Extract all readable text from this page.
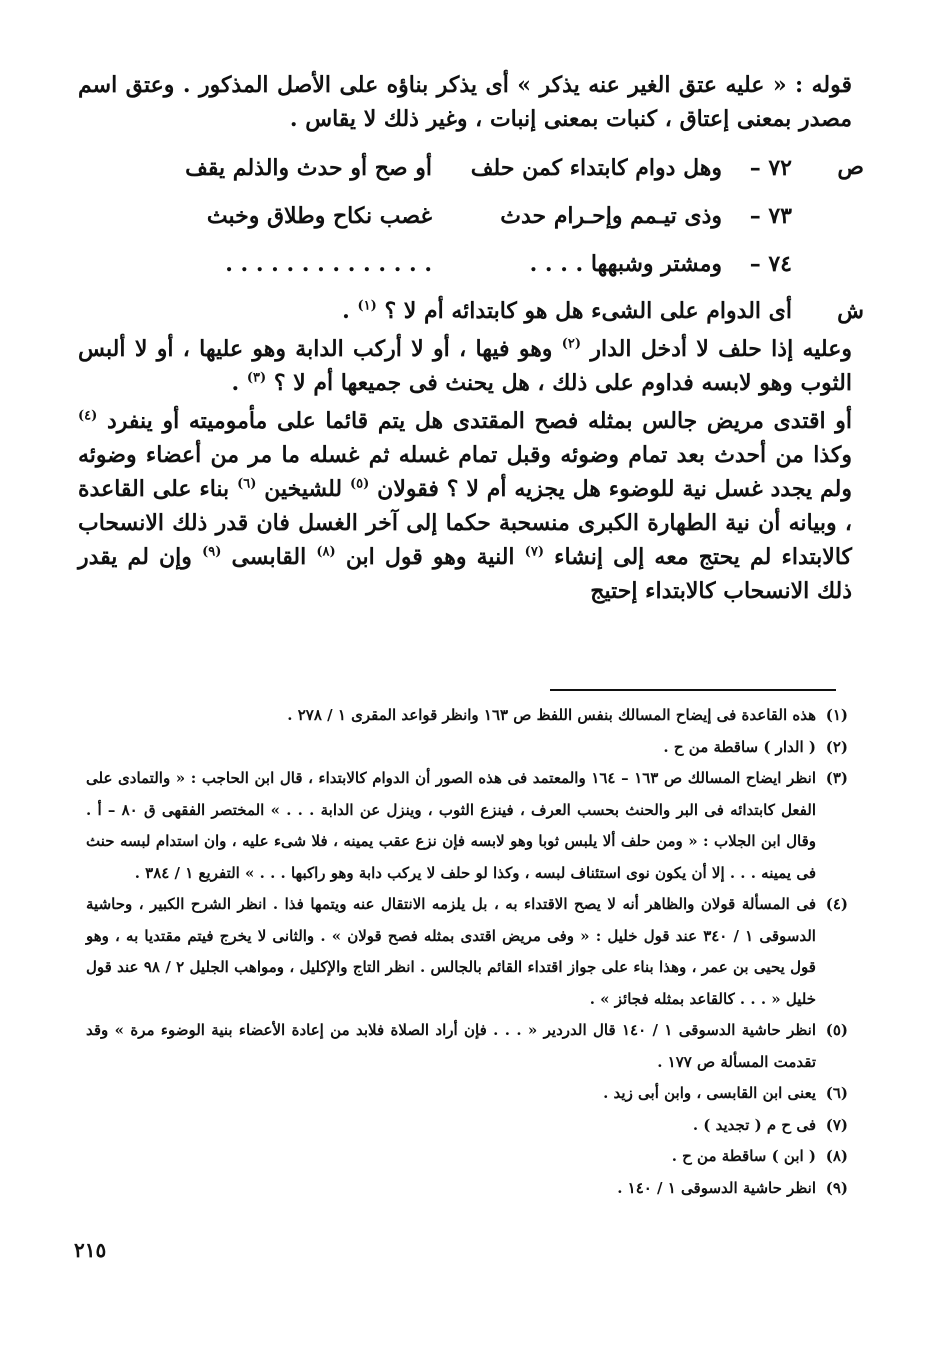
قوله : « عليه عتق الغير عنه يذكر » أى يذكر بناؤه على الأصل المذكور . وعتق اسم مصدر بمعنى إعتاق ، كنبات بمعنى إنبات ، وغير ذلك لا يقاس .

ص
٧٢ –
وهل دوام كابتداء كمن حلف
أو صح أو حدث والذلم يقف
٧٣ –
وذى تيـمم وإحـرام حدث
غصب نكاح وطلاق وخبث
٧٤ –
ومشتر وشبهها . . . .
. . . . . . . . . . . . . .
ش
أى الدوام على الشىء هل هو كابتدائه أم لا ؟ $^{(١)}$ .

وعليه إذا حلف لا أدخل الدار $^{(٢)}$ وهو فيها ، أو لا أركب الدابة وهو عليها ، أو لا ألبس الثوب وهو لابسه فداوم على ذلك ، هل يحنث فى جميعها أم لا ؟ $^{(٣)}$ .

أو اقتدى مريض جالس بمثله فصح المقتدى هل يتم قائما على مأموميته أو ينفرد $^{(٤)}$ وكذا من أحدث بعد تمام وضوئه وقبل تمام غسله ثم غسله ما مر من أعضاء وضوئه ولم يجدد غسل نية للوضوء هل يجزيه أم لا ؟ فقولان $^{(٥)}$ للشيخين $^{(٦)}$ بناء على القاعدة ، وبيانه أن نية الطهارة الكبرى منسحبة حكما إلى آخر الغسل فان قدر ذلك الانسحاب كالابتداء لم يحتج معه إلى إنشاء $^{(٧)}$ النية وهو قول ابن $^{(٨)}$ القابسى $^{(٩)}$ وإن لم يقدر ذلك الانسحاب كالابتداء إحتيج

(١)
هذه القاعدة فى إيضاح المسالك بنفس اللفظ ص ١٦٣ وانظر قواعد المقرى ١ / ٢٧٨ .
(٢)
( الدار ) ساقطة من ح .
(٣)
انظر ايضاح المسالك ص ١٦٣ – ١٦٤ والمعتمد فى هذه الصور أن الدوام كالابتداء ، قال ابن الحاجب : « والتمادى على الفعل كابتدائه فى البر والحنث بحسب العرف ، فينزع الثوب ، وينزل عن الدابة . . . » المختصر الفقهى ق ٨٠ – أ . وقال ابن الجلاب : « ومن حلف ألا يلبس ثوبا وهو لابسه فإن نزع عقب يمينه ، فلا شىء عليه ، وان استدام لبسه حنث فى يمينه . . . إلا أن يكون نوى استئناف لبسه ، وكذا لو حلف لا يركب دابة وهو راكبها . . . » التفريع ١ / ٣٨٤ .
(٤)
فى المسألة قولان والظاهر أنه لا يصح الاقتداء به ، بل يلزمه الانتقال عنه ويتمها فذا . انظر الشرح الكبير ، وحاشية الدسوقى ١ / ٣٤٠ عند قول خليل : « وفى مريض اقتدى بمثله فصح قولان » . والثانى لا يخرج فيتم مقتديا به ، وهو قول يحيى بن عمر ، وهذا بناء على جواز اقتداء القائم بالجالس . انظر التاج والإكليل ، ومواهب الجليل ٢ / ٩٨ عند قول خليل « . . . كالقاعد بمثله فجائز » .
(٥)
انظر حاشية الدسوقى ١ / ١٤٠ قال الدردير « . . . فإن أراد الصلاة فلابد من إعادة الأعضاء بنية الوضوء مرة » وقد تقدمت المسألة ص ١٧٧ .
(٦)
يعنى ابن القابسى ، وابن أبى زيد .
(٧)
فى ح م ( تجديد ) .
(٨)
( ابن ) ساقطة من ح .
(٩)
انظر حاشية الدسوقى ١ / ١٤٠ .
٢١٥
